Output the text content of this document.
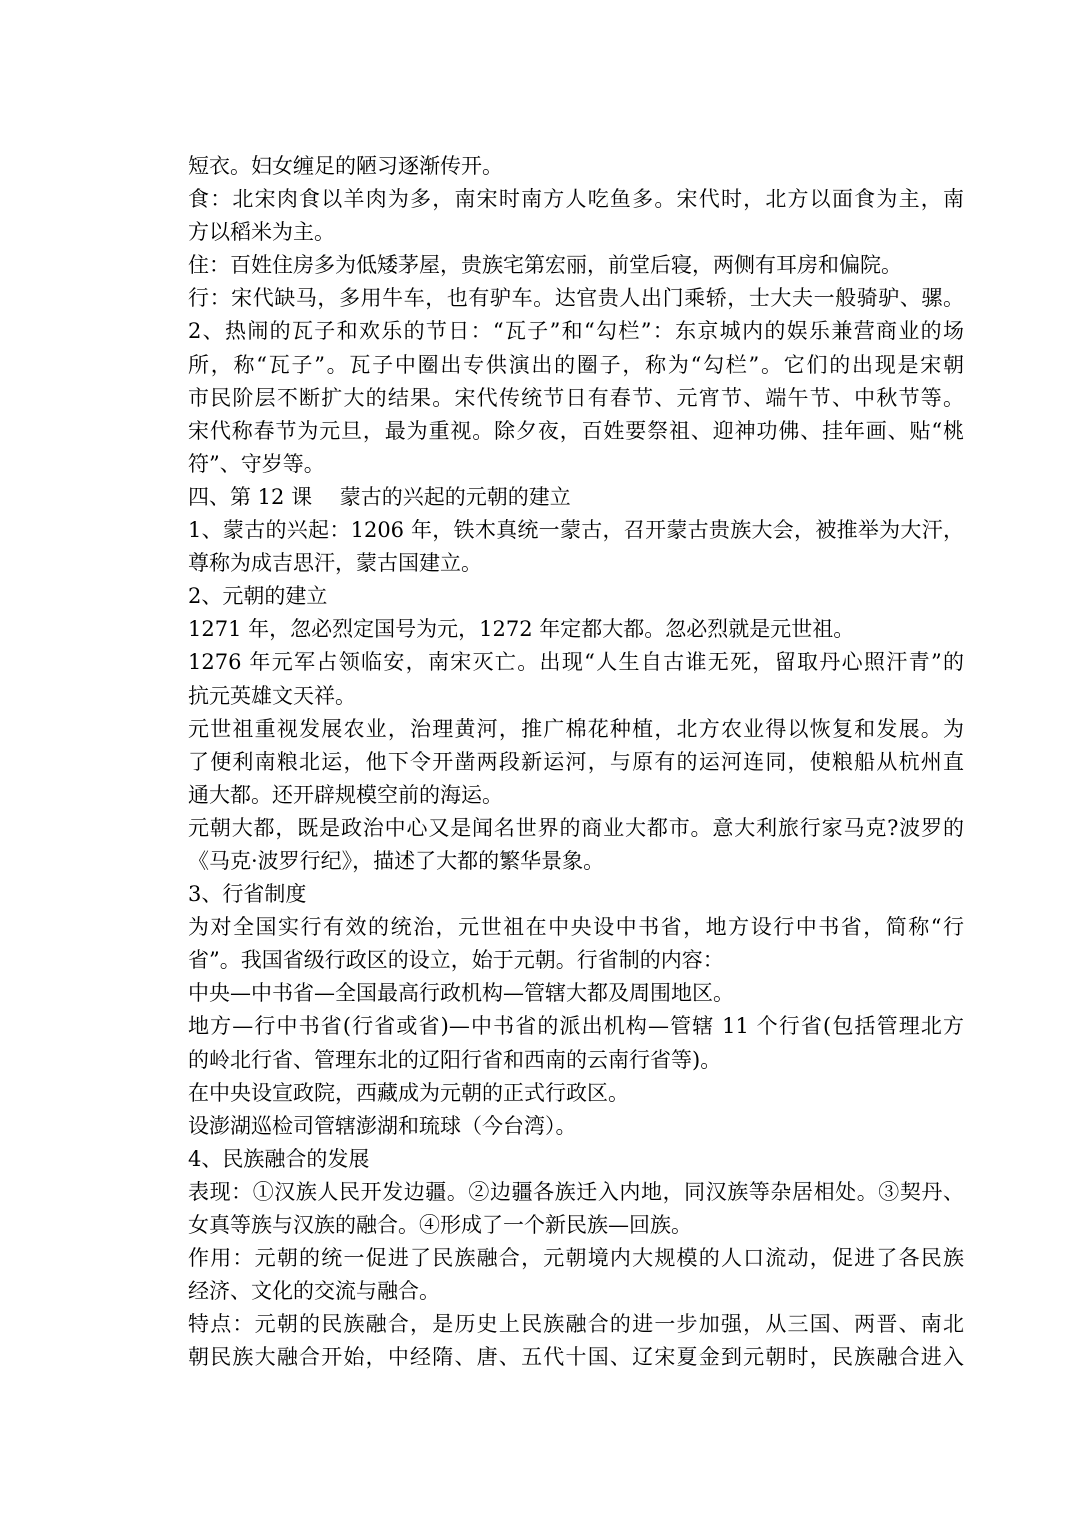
短衣。妇女缠足的陋习逐渐传开。
食：北宋肉食以羊肉为多，南宋时南方人吃鱼多。宋代时，北方以面食为主，南
方以稻米为主。
住：百姓住房多为低矮茅屋，贵族宅第宏丽，前堂后寝，两侧有耳房和偏院。
行：宋代缺马，多用牛车，也有驴车。达官贵人出门乘轿，士大夫一般骑驴、骡。
2、热闹的瓦子和欢乐的节日：“瓦子”和“勾栏”：东京城内的娱乐兼营商业的场
所，称“瓦子”。瓦子中圈出专供演出的圈子，称为“勾栏”。它们的出现是宋朝
市民阶层不断扩大的结果。宋代传统节日有春节、元宵节、端午节、中秋节等。
宋代称春节为元旦，最为重视。除夕夜，百姓要祭祖、迎神功佛、挂年画、贴“桃
符”、守岁等。
四、第 12 课　 蒙古的兴起的元朝的建立
1、蒙古的兴起：1206 年，铁木真统一蒙古，召开蒙古贵族大会，被推举为大汗，
尊称为成吉思汗，蒙古国建立。
2、元朝的建立
1271 年，忽必烈定国号为元，1272 年定都大都。忽必烈就是元世祖。
1276 年元军占领临安，南宋灭亡。出现“人生自古谁无死，留取丹心照汗青”的
抗元英雄文天祥。
元世祖重视发展农业，治理黄河，推广棉花种植，北方农业得以恢复和发展。为
了便利南粮北运，他下令开凿两段新运河，与原有的运河连同，使粮船从杭州直
通大都。还开辟规模空前的海运。
元朝大都，既是政治中心又是闻名世界的商业大都市。意大利旅行家马克?波罗的
《马克·波罗行纪》，描述了大都的繁华景象。
3、行省制度
为对全国实行有效的统治，元世祖在中央设中书省，地方设行中书省，简称“行
省”。我国省级行政区的设立，始于元朝。行省制的内容：
中央—中书省—全国最高行政机构—管辖大都及周围地区。
地方—行中书省(行省或省)—中书省的派出机构—管辖 11 个行省(包括管理北方
的岭北行省、管理东北的辽阳行省和西南的云南行省等)。
在中央设宣政院，西藏成为元朝的正式行政区。
设澎湖巡检司管辖澎湖和琉球（今台湾）。
4、民族融合的发展
表现：①汉族人民开发边疆。②边疆各族迁入内地，同汉族等杂居相处。③契丹、
女真等族与汉族的融合。④形成了一个新民族—回族。
作用：元朝的统一促进了民族融合，元朝境内大规模的人口流动，促进了各民族
经济、文化的交流与融合。
特点：元朝的民族融合，是历史上民族融合的进一步加强，从三国、两晋、南北
朝民族大融合开始，中经隋、唐、五代十国、辽宋夏金到元朝时，民族融合进入
